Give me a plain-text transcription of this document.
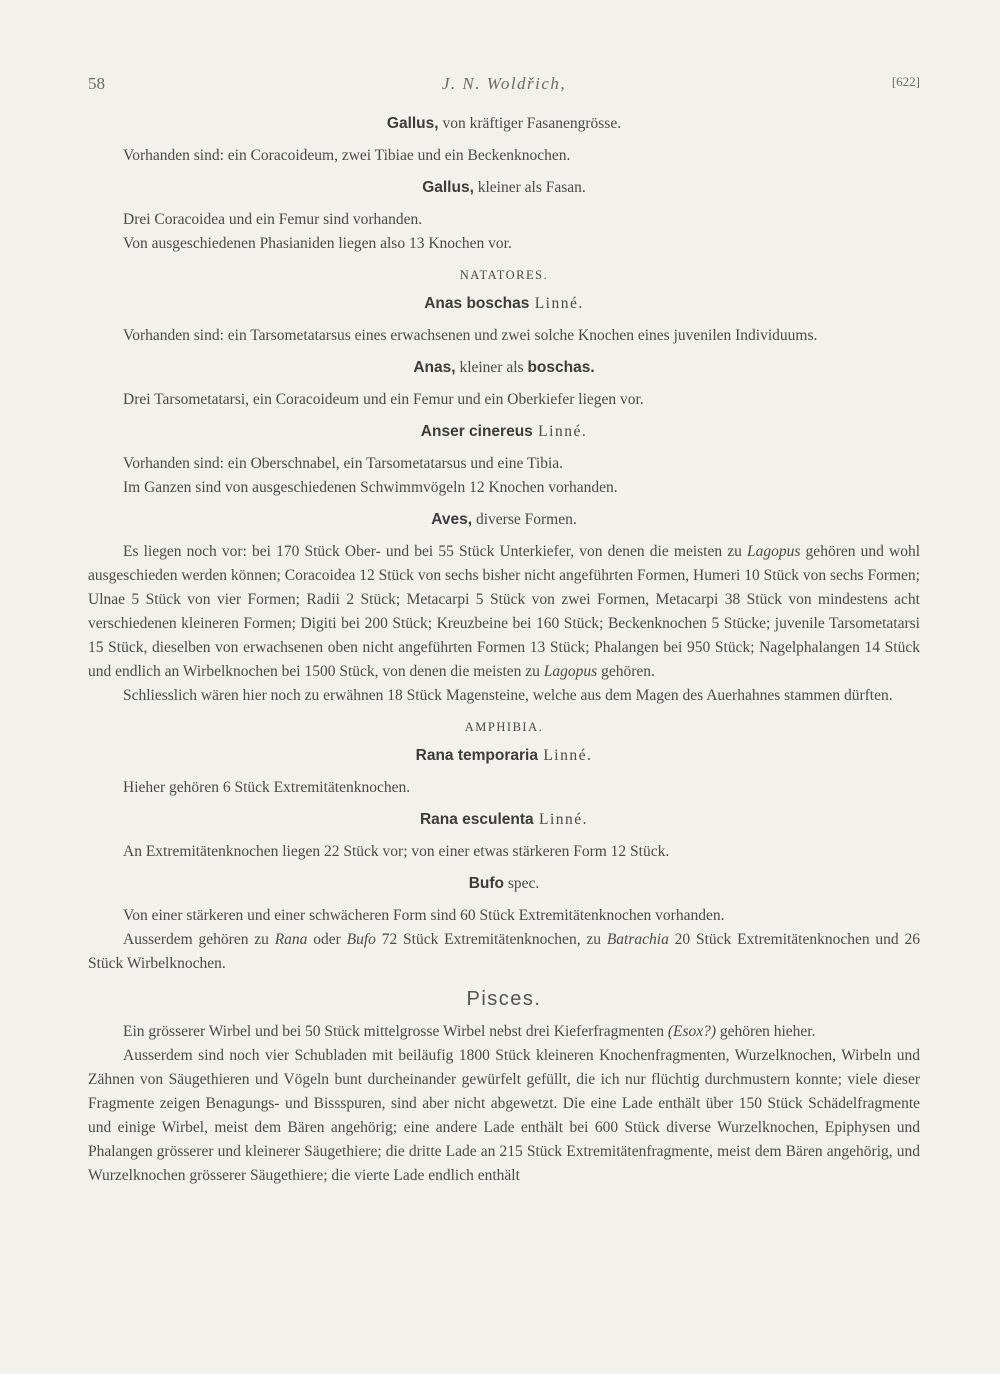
58	J. N. Woldřich,	[622]
Gallus, von kräftiger Fasanengrösse.

Vorhanden sind: ein Coracoideum, zwei Tibiae und ein Beckenknochen.

Gallus, kleiner als Fasan.

Drei Coracoidea und ein Femur sind vorhanden.

Von ausgeschiedenen Phasianiden liegen also 13 Knochen vor.

NATATORES.
Anas boschas Linné.

Vorhanden sind: ein Tarsometatarsus eines erwachsenen und zwei solche Knochen eines juvenilen Individuums.

Anas, kleiner als boschas.

Drei Tarsometatarsi, ein Coracoideum und ein Femur und ein Oberkiefer liegen vor.

Anser cinereus Linné.

Vorhanden sind: ein Oberschnabel, ein Tarsometatarsus und eine Tibia.

Im Ganzen sind von ausgeschiedenen Schwimmvögeln 12 Knochen vorhanden.

Aves, diverse Formen.

Es liegen noch vor: bei 170 Stück Ober- und bei 55 Stück Unterkiefer, von denen die meisten zu Lagopus gehören und wohl ausgeschieden werden können; Coracoidea 12 Stück von sechs bisher nicht angeführten Formen, Humeri 10 Stück von sechs Formen; Ulnae 5 Stück von vier Formen; Radii 2 Stück; Metacarpi 5 Stück von zwei Formen, Metacarpi 38 Stück von mindestens acht verschiedenen kleineren Formen; Digiti bei 200 Stück; Kreuzbeine bei 160 Stück; Beckenknochen 5 Stücke; juvenile Tarsometatarsi 15 Stück, dieselben von erwachsenen oben nicht angeführten Formen 13 Stück; Phalangen bei 950 Stück; Nagelphalangen 14 Stück und endlich an Wirbelknochen bei 1500 Stück, von denen die meisten zu Lagopus gehören.

Schliesslich wären hier noch zu erwähnen 18 Stück Magensteine, welche aus dem Magen des Auerhahnes stammen dürften.

AMPHIBIA.
Rana temporaria Linné.

Hieher gehören 6 Stück Extremitätenknochen.

Rana esculenta Linné.

An Extremitätenknochen liegen 22 Stück vor; von einer etwas stärkeren Form 12 Stück.

Bufo spec.

Von einer stärkeren und einer schwächeren Form sind 60 Stück Extremitätenknochen vorhanden.

Ausserdem gehören zu Rana oder Bufo 72 Stück Extremitätenknochen, zu Batrachia 20 Stück Extremitätenknochen und 26 Stück Wirbelknochen.

Pisces.

Ein grösserer Wirbel und bei 50 Stück mittelgrosse Wirbel nebst drei Kieferfragmenten (Esox?) gehören hieher.

Ausserdem sind noch vier Schubladen mit beiläufig 1800 Stück kleineren Knochenfragmenten, Wurzelknochen, Wirbeln und Zähnen von Säugethieren und Vögeln bunt durcheinander gewürfelt gefüllt, die ich nur flüchtig durchmustern konnte; viele dieser Fragmente zeigen Benagungs- und Bissspuren, sind aber nicht abgewetzt. Die eine Lade enthält über 150 Stück Schädelfragmente und einige Wirbel, meist dem Bären angehörig; eine andere Lade enthält bei 600 Stück diverse Wurzelknochen, Epiphysen und Phalangen grösserer und kleinerer Säugethiere; die dritte Lade an 215 Stück Extremitätenfragmente, meist dem Bären angehörig, und Wurzelknochen grösserer Säugethiere; die vierte Lade endlich enthält
